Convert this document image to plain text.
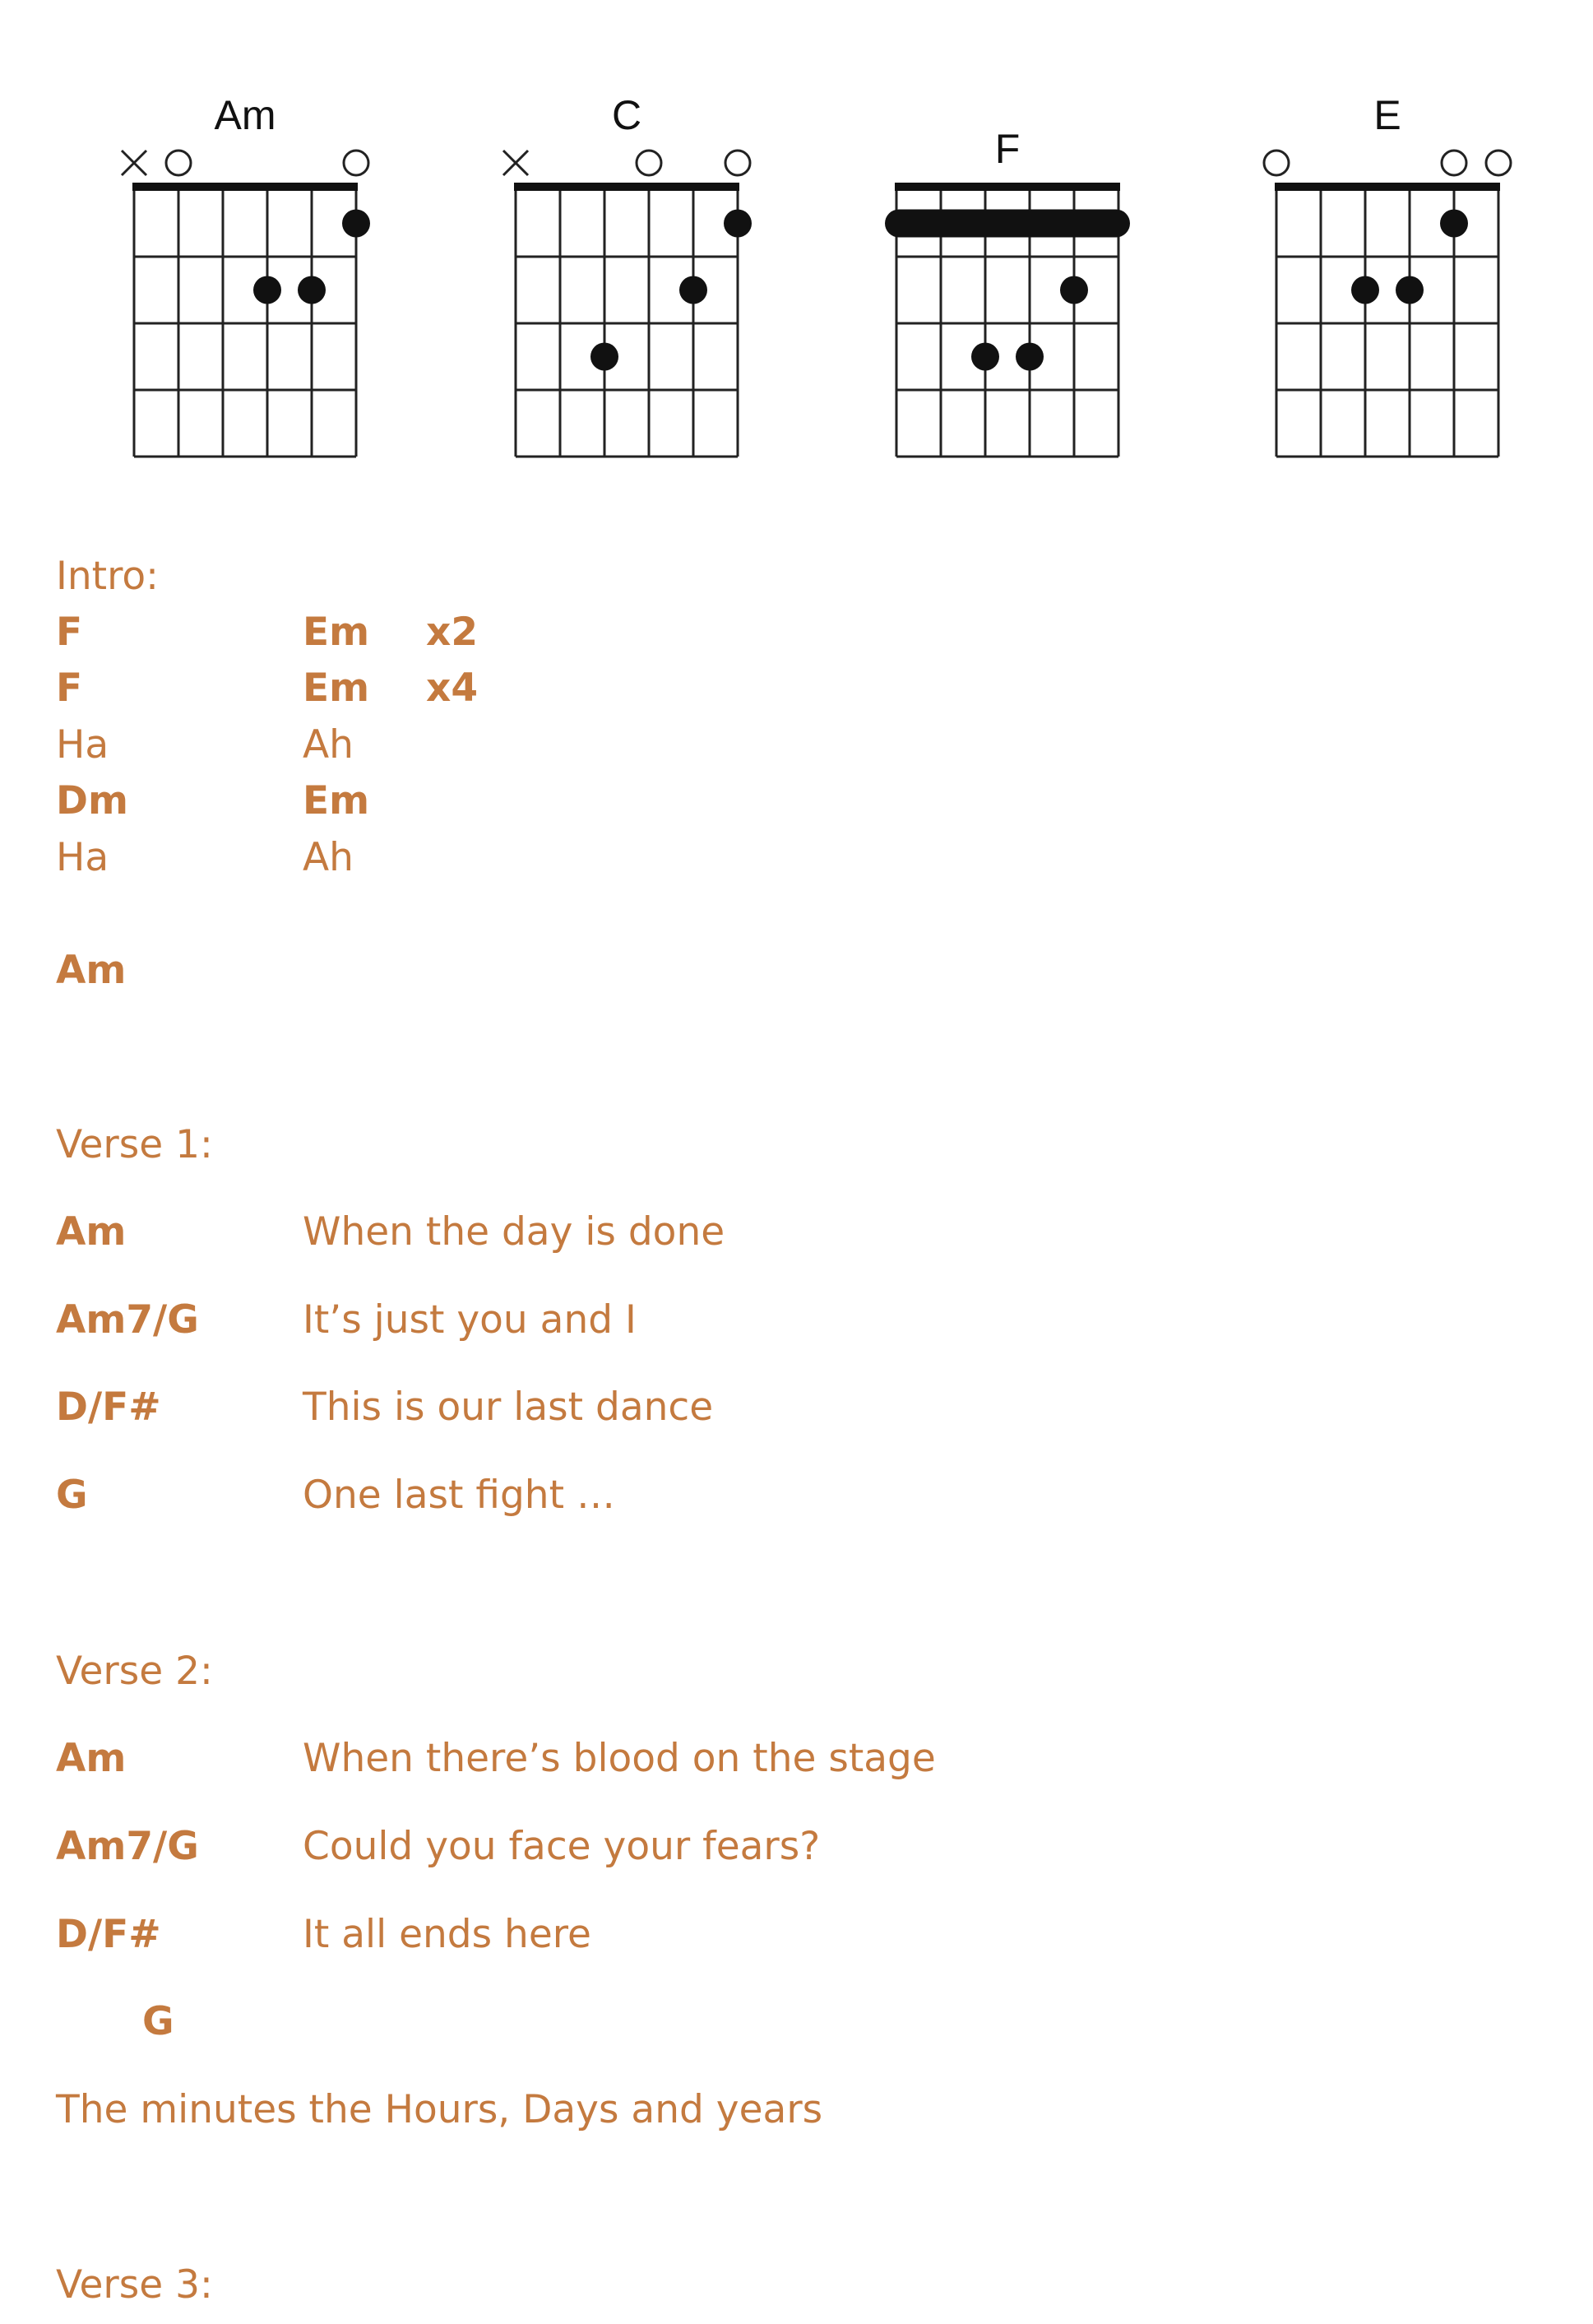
Am	C
F
E
Intro:
F	Em x2
F	Em x4
Ha	Ah
Dm	Em
Ha	Ah
Am
Verse 1:
Am	When the day is done
Am7/G	It’s just you and I
D/F#	This is our last dance
G	One last fight …
Verse 2:
Am	When there’s blood on the stage
Am7/G	Could you face your fears?
D/F#	It all ends here
G
The minutes the Hours, Days and years
Verse 3:
